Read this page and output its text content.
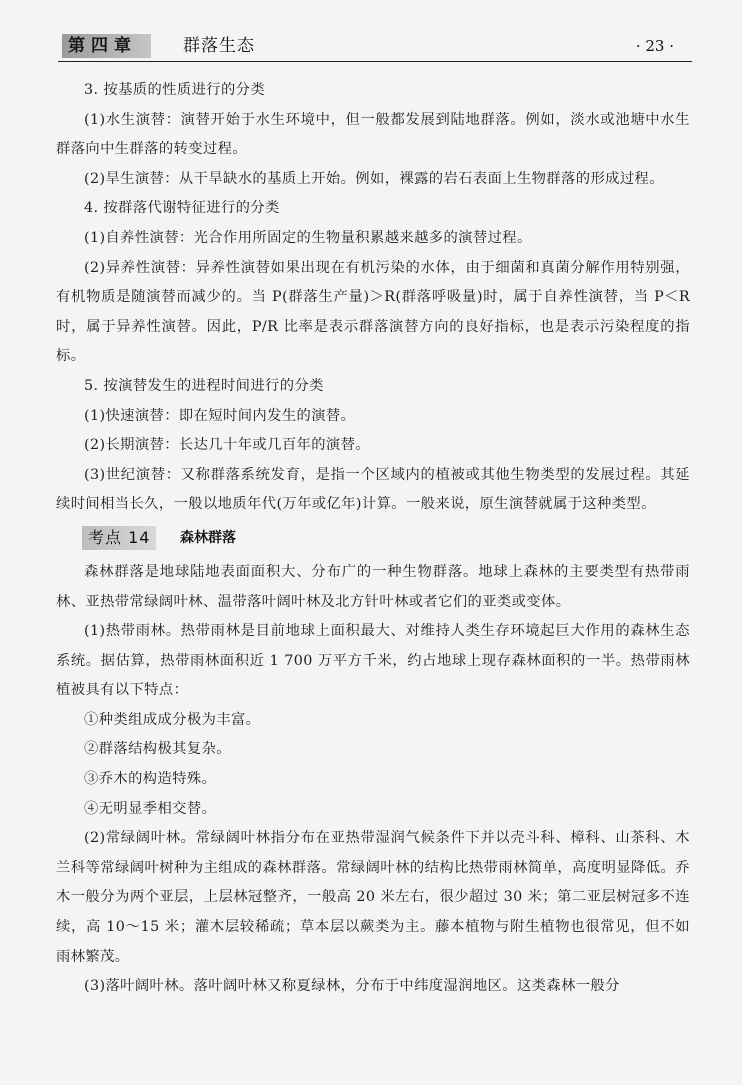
第四章	群落生态	· 23 ·

3. 按基质的性质进行的分类

(1)水生演替：演替开始于水生环境中，但一般都发展到陆地群落。例如，淡水或池塘中水生群落向中生群落的转变过程。

(2)旱生演替：从干旱缺水的基质上开始。例如，裸露的岩石表面上生物群落的形成过程。

4. 按群落代谢特征进行的分类

(1)自养性演替：光合作用所固定的生物量积累越来越多的演替过程。

(2)异养性演替：异养性演替如果出现在有机污染的水体，由于细菌和真菌分解作用特别强，有机物质是随演替而减少的。当 P(群落生产量)＞R(群落呼吸量)时，属于自养性演替，当 P＜R 时，属于异养性演替。因此，P/R 比率是表示群落演替方向的良好指标，也是表示污染程度的指标。

5. 按演替发生的进程时间进行的分类

(1)快速演替：即在短时间内发生的演替。

(2)长期演替：长达几十年或几百年的演替。

(3)世纪演替：又称群落系统发育，是指一个区域内的植被或其他生物类型的发展过程。其延续时间相当长久，一般以地质年代(万年或亿年)计算。一般来说，原生演替就属于这种类型。

考点 14	森林群落

森林群落是地球陆地表面面积大、分布广的一种生物群落。地球上森林的主要类型有热带雨林、亚热带常绿阔叶林、温带落叶阔叶林及北方针叶林或者它们的亚类或变体。

(1)热带雨林。热带雨林是目前地球上面积最大、对维持人类生存环境起巨大作用的森林生态系统。据估算，热带雨林面积近 1 700 万平方千米，约占地球上现存森林面积的一半。热带雨林植被具有以下特点：

①种类组成成分极为丰富。

②群落结构极其复杂。

③乔木的构造特殊。

④无明显季相交替。

(2)常绿阔叶林。常绿阔叶林指分布在亚热带湿润气候条件下并以壳斗科、樟科、山茶科、木兰科等常绿阔叶树种为主组成的森林群落。常绿阔叶林的结构比热带雨林简单，高度明显降低。乔木一般分为两个亚层，上层林冠整齐，一般高 20 米左右，很少超过 30 米；第二亚层树冠多不连续，高 10～15 米；灌木层较稀疏；草本层以蕨类为主。藤本植物与附生植物也很常见，但不如雨林繁茂。

(3)落叶阔叶林。落叶阔叶林又称夏绿林，分布于中纬度湿润地区。这类森林一般分
